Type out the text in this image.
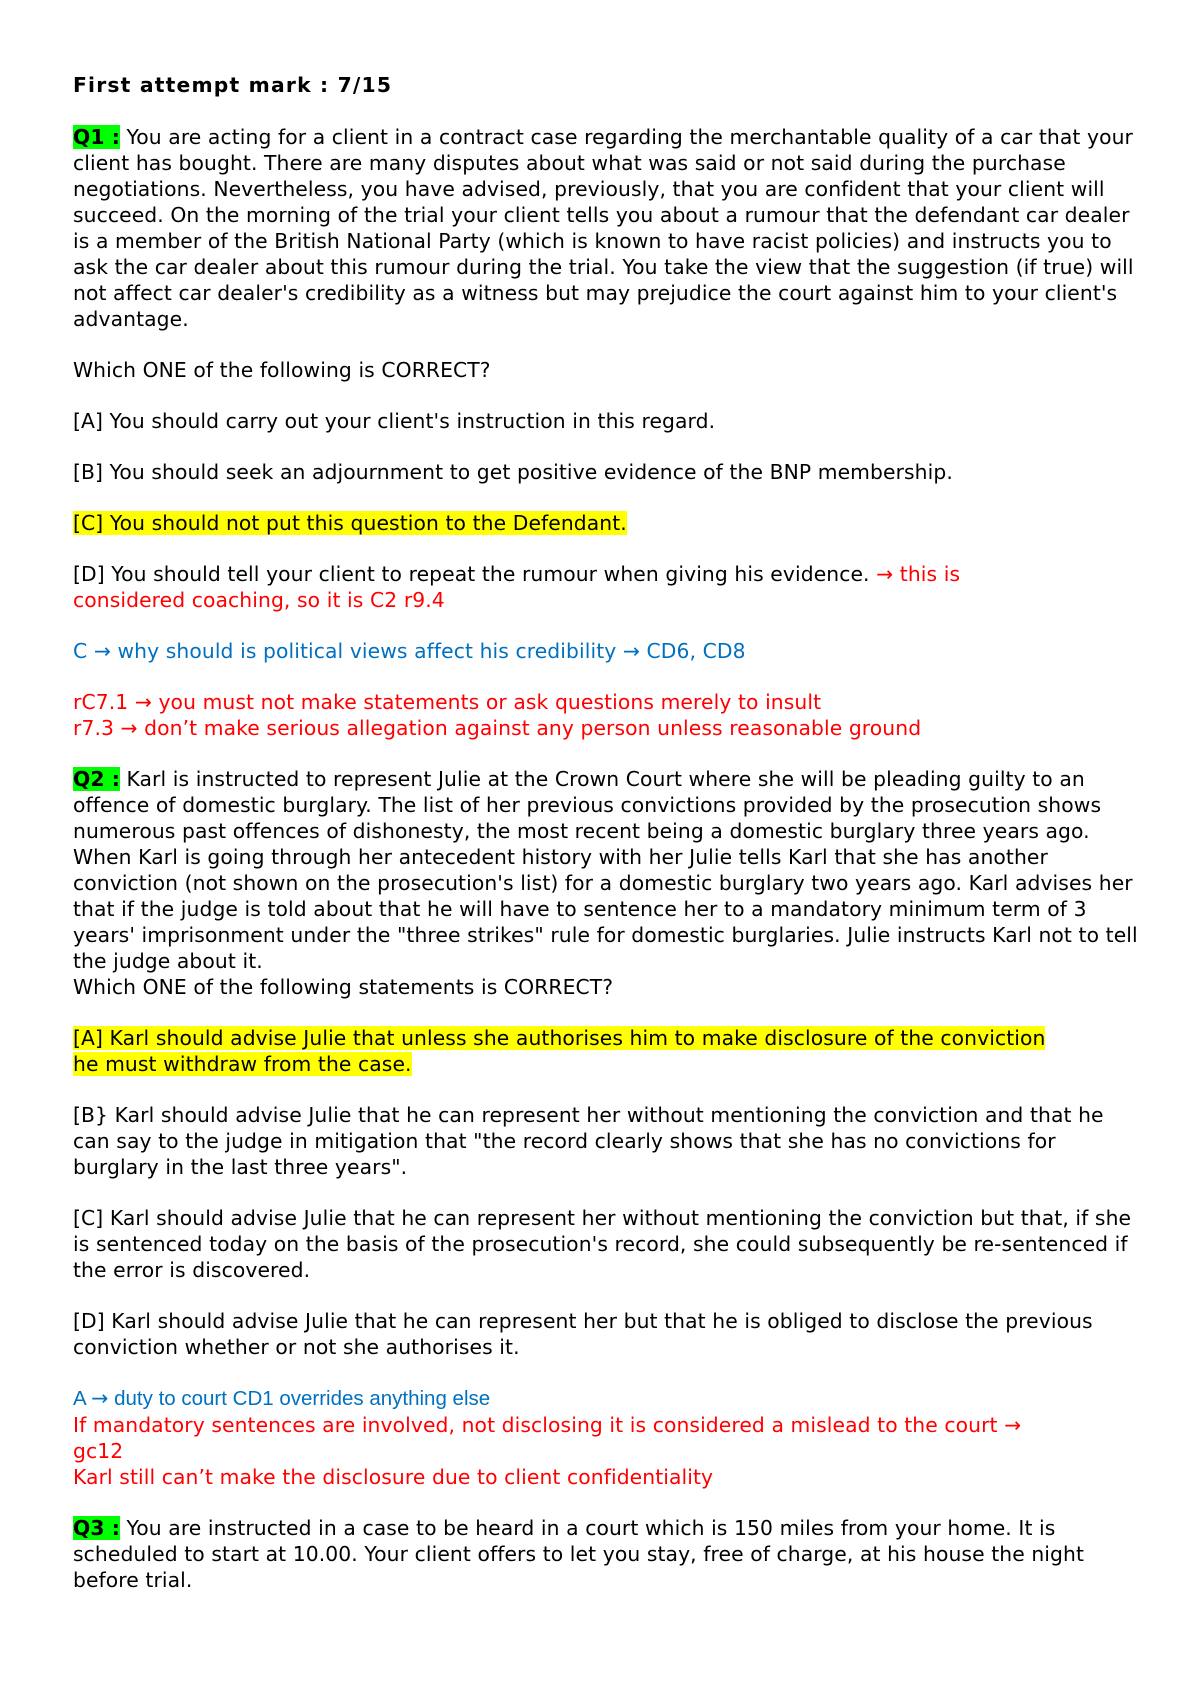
First attempt mark : 7/15

Q1 : You are acting for a client in a contract case regarding the merchantable quality of a car that your client has bought. There are many disputes about what was said or not said during the purchase negotiations. Nevertheless, you have advised, previously, that you are confident that your client will succeed. On the morning of the trial your client tells you about a rumour that the defendant car dealer is a member of the British National Party (which is known to have racist policies) and instructs you to ask the car dealer about this rumour during the trial. You take the view that the suggestion (if true) will not affect car dealer's credibility as a witness but may prejudice the court against him to your client's advantage.

Which ONE of the following is CORRECT?

[A] You should carry out your client's instruction in this regard.

[B] You should seek an adjournment to get positive evidence of the BNP membership.

[C] You should not put this question to the Defendant.

[D] You should tell your client to repeat the rumour when giving his evidence. → this is
considered coaching, so it is C2 r9.4

C → why should is political views affect his credibility → CD6, CD8

rC7.1 → you must not make statements or ask questions merely to insult

r7.3 → don’t make serious allegation against any person unless reasonable ground

Q2 : Karl is instructed to represent Julie at the Crown Court where she will be pleading guilty to an offence of domestic burglary. The list of her previous convictions provided by the prosecution shows numerous past offences of dishonesty, the most recent being a domestic burglary three years ago. When Karl is going through her antecedent history with her Julie tells Karl that she has another conviction (not shown on the prosecution's list) for a domestic burglary two years ago. Karl advises her that if the judge is told about that he will have to sentence her to a mandatory minimum term of 3 years' imprisonment under the "three strikes" rule for domestic burglaries. Julie instructs Karl not to tell the judge about it.

Which ONE of the following statements is CORRECT?

[A] Karl should advise Julie that unless she authorises him to make disclosure of the conviction
he must withdraw from the case.

[B} Karl should advise Julie that he can represent her without mentioning the conviction and that he can say to the judge in mitigation that "the record clearly shows that she has no convictions for burglary in the last three years".

[C] Karl should advise Julie that he can represent her without mentioning the conviction but that, if she is sentenced today on the basis of the prosecution's record, she could subsequently be re-sentenced if the error is discovered.

[D] Karl should advise Julie that he can represent her but that he is obliged to disclose the previous conviction whether or not she authorises it.

A → duty to court CD1 overrides anything else

If mandatory sentences are involved, not disclosing it is considered a mislead to the court →
gc12

Karl still can’t make the disclosure due to client confidentiality

Q3 : You are instructed in a case to be heard in a court which is 150 miles from your home. It is scheduled to start at 10.00. Your client offers to let you stay, free of charge, at his house the night before trial.
